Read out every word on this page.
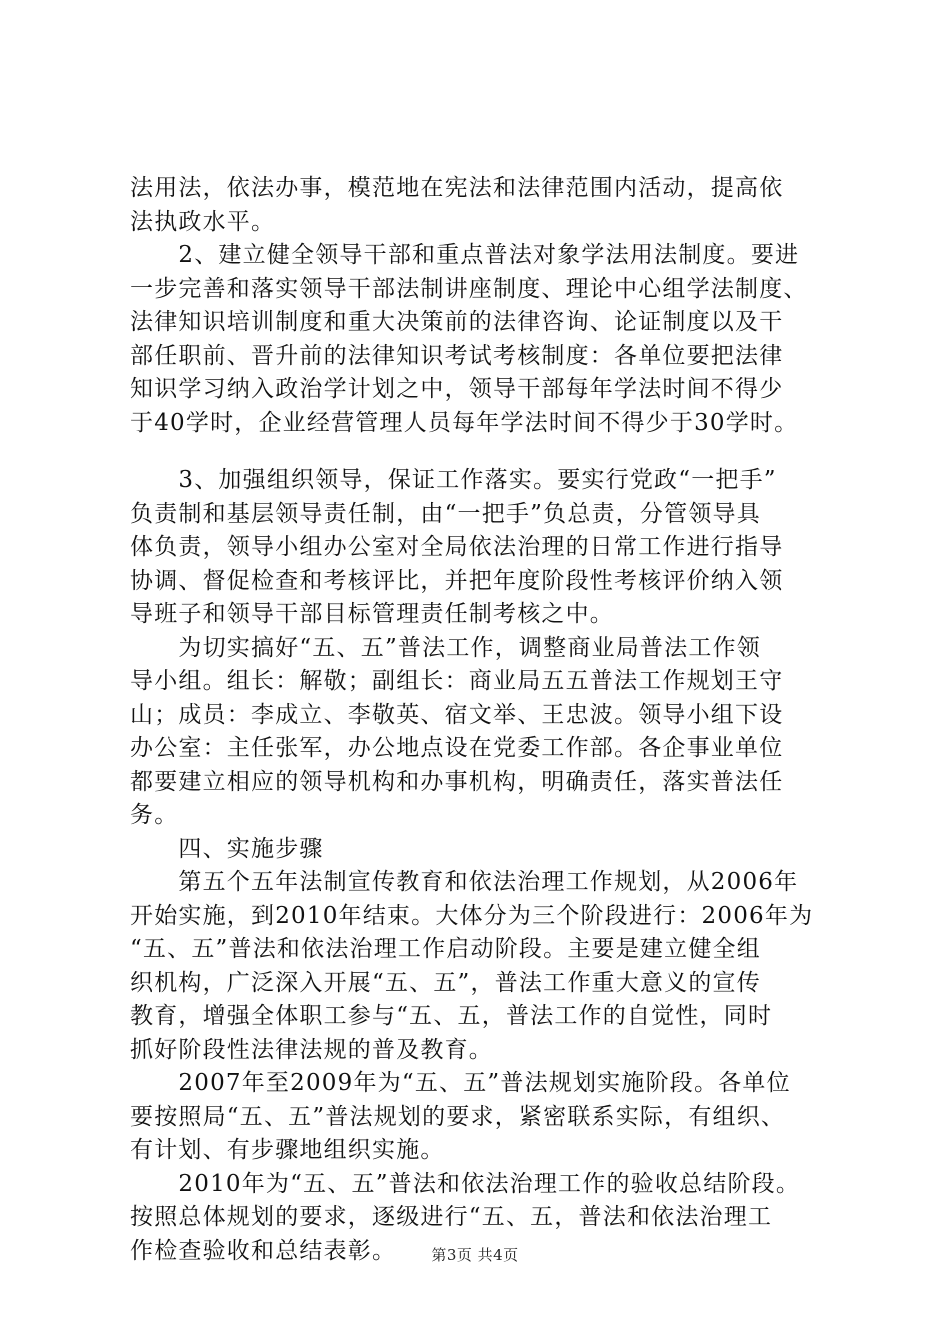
法用法，依法办事，模范地在宪法和法律范围内活动，提高依
法执政水平。
　　2、建立健全领导干部和重点普法对象学法用法制度。要进
一步完善和落实领导干部法制讲座制度、理论中心组学法制度、
法律知识培训制度和重大决策前的法律咨询、论证制度以及干
部任职前、晋升前的法律知识考试考核制度：各单位要把法律
知识学习纳入政治学计划之中，领导干部每年学法时间不得少
于40学时，企业经营管理人员每年学法时间不得少于30学时。
　　3、加强组织领导，保证工作落实。要实行党政“一把手”
负责制和基层领导责任制，由“一把手”负总责，分管领导具
体负责，领导小组办公室对全局依法治理的日常工作进行指导
协调、督促检查和考核评比，并把年度阶段性考核评价纳入领
导班子和领导干部目标管理责任制考核之中。
　　为切实搞好“五、五”普法工作，调整商业局普法工作领
导小组。组长：解敬；副组长：商业局五五普法工作规划王守
山；成员：李成立、李敬英、宿文举、王忠波。领导小组下设
办公室：主任张军，办公地点设在党委工作部。各企事业单位
都要建立相应的领导机构和办事机构，明确责任，落实普法任
务。
　　四、实施步骤
　　第五个五年法制宣传教育和依法治理工作规划，从2006年
开始实施，到2010年结束。大体分为三个阶段进行：2006年为
“五、五”普法和依法治理工作启动阶段。主要是建立健全组
织机构，广泛深入开展“五、五”，普法工作重大意义的宣传
教育，增强全体职工参与“五、五，普法工作的自觉性，同时
抓好阶段性法律法规的普及教育。
　　2007年至2009年为“五、五”普法规划实施阶段。各单位
要按照局“五、五”普法规划的要求，紧密联系实际，有组织、
有计划、有步骤地组织实施。
　　2010年为“五、五”普法和依法治理工作的验收总结阶段。
按照总体规划的要求，逐级进行“五、五，普法和依法治理工
作检查验收和总结表彰。	第3页 共4页
